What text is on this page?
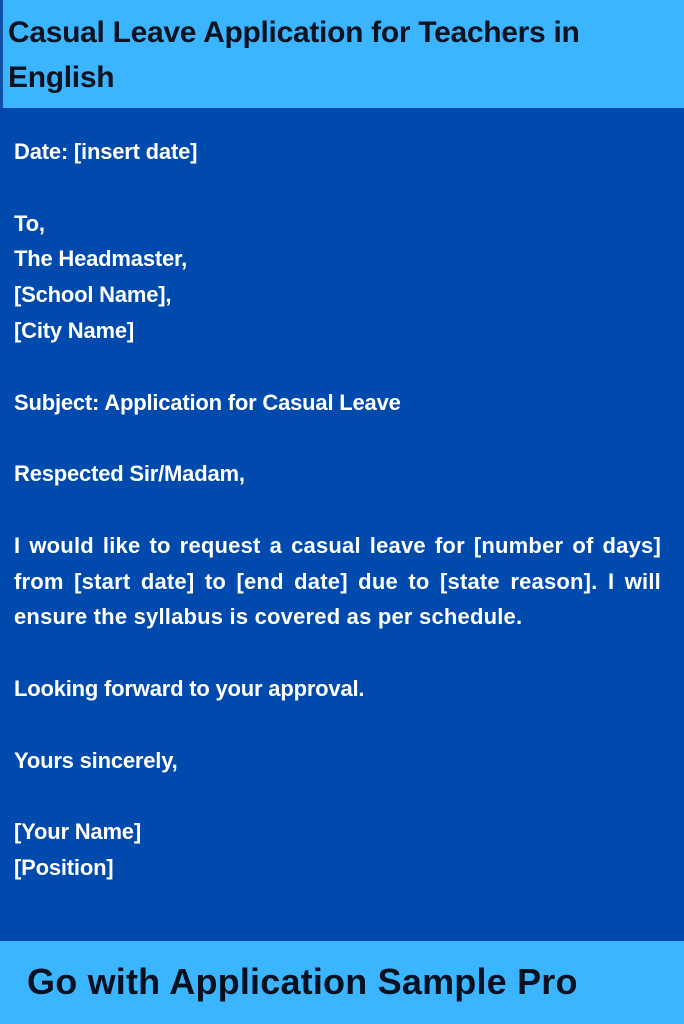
Casual Leave Application for Teachers in English

Date: [insert date]

To,

The Headmaster,

[School Name],

[City Name]

Subject: Application for Casual Leave

Respected Sir/Madam,

I would like to request a casual leave for [number of days] from [start date] to [end date] due to [state reason]. I will ensure the syllabus is covered as per schedule.

Looking forward to your approval.

Yours sincerely,

[Your Name]

[Position]

Go with Application Sample Pro
